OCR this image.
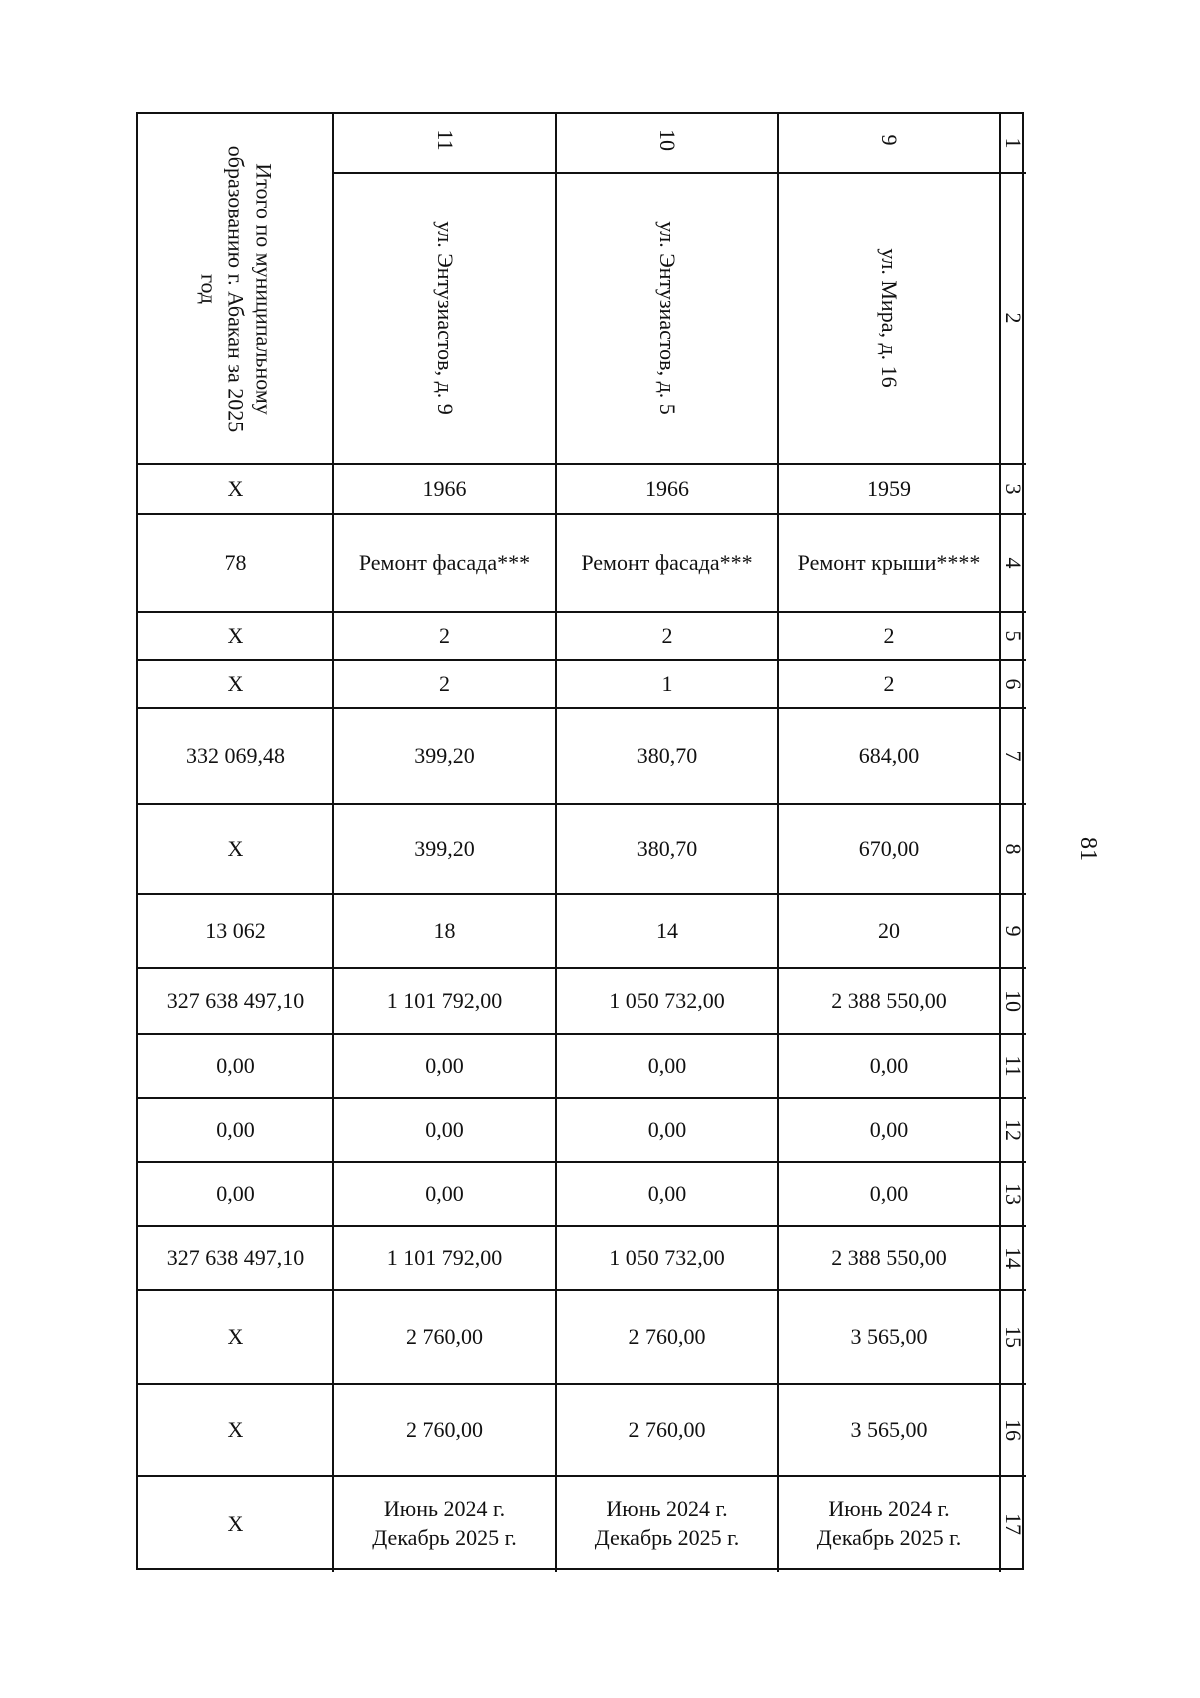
81
1
2
3
4
5
6
7
8
9
10
11
12
13
14
15
16
17
9
ул. Мира, д. 16
1959
Ремонт крыши****
2
2
684,00
670,00
20
2 388 550,00
0,00
0,00
0,00
2 388 550,00
3 565,00
3 565,00
Июнь 2024 г.
Декабрь 2025 г.
10
ул. Энтузиастов, д. 5
1966
Ремонт фасада***
2
1
380,70
380,70
14
1 050 732,00
0,00
0,00
0,00
1 050 732,00
2 760,00
2 760,00
Июнь 2024 г.
Декабрь 2025 г.
11
ул. Энтузиастов, д. 9
1966
Ремонт фасада***
2
2
399,20
399,20
18
1 101 792,00
0,00
0,00
0,00
1 101 792,00
2 760,00
2 760,00
Июнь 2024 г.
Декабрь 2025 г.
Итого по муниципальному образованию г. Абакан за 2025 год
Х
78
Х
Х
332 069,48
Х
13 062
327 638 497,10
0,00
0,00
0,00
327 638 497,10
Х
Х
Х
